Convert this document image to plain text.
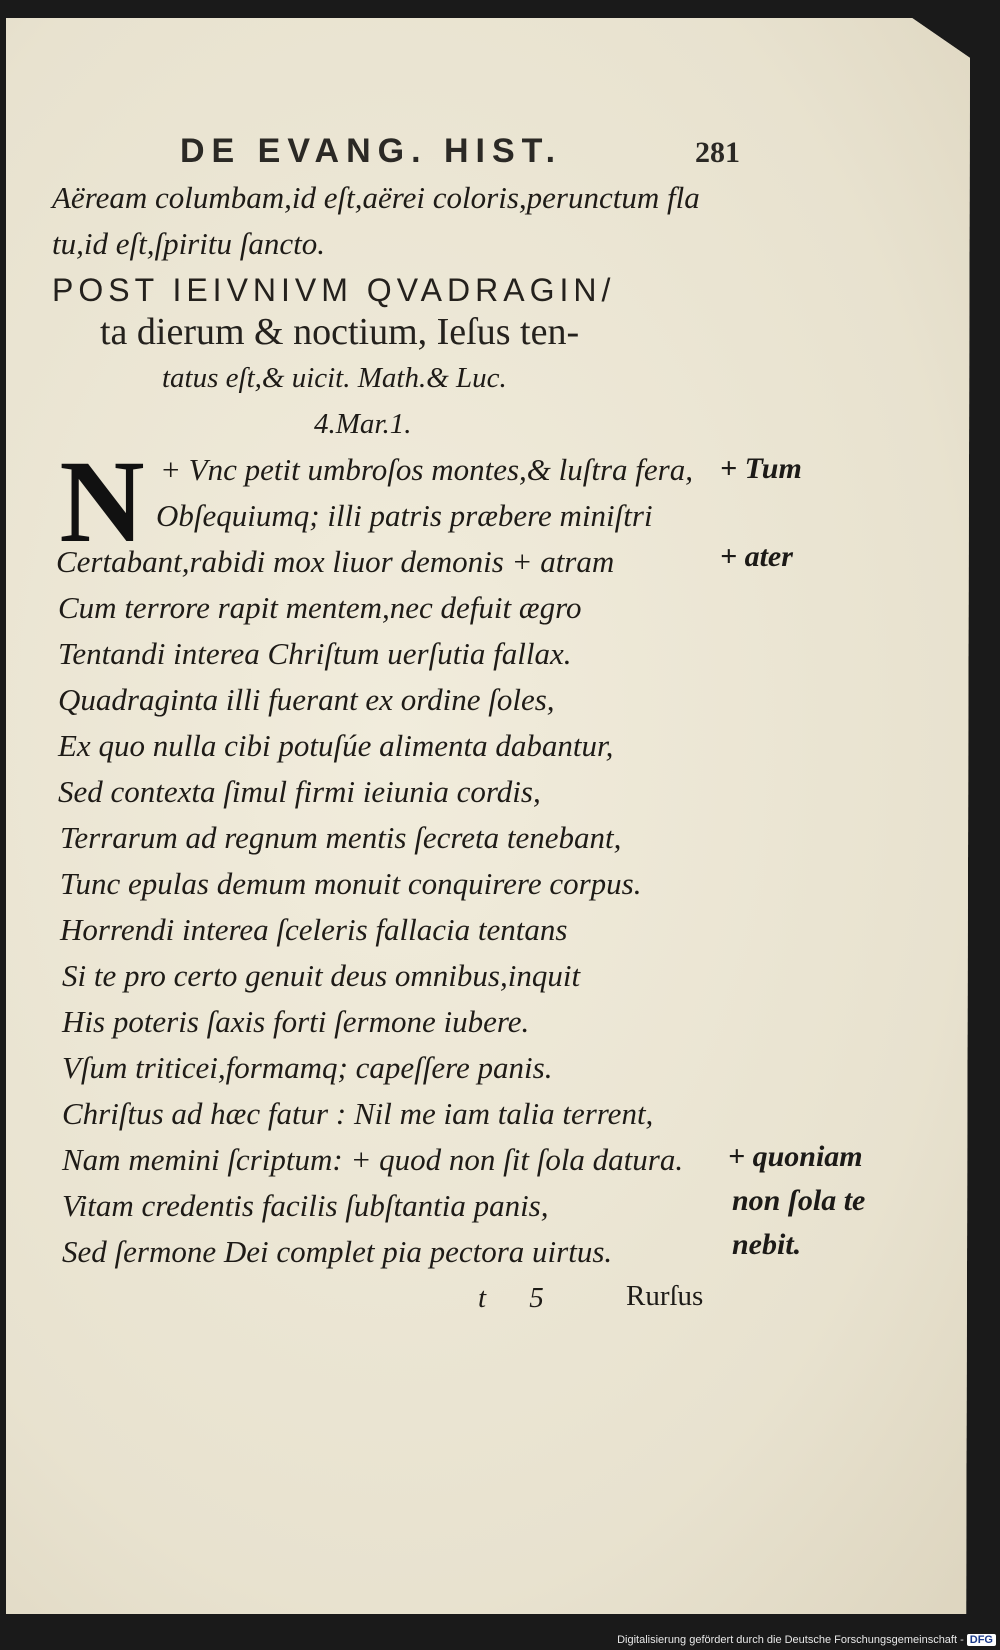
DE EVANG. HIST.	281
Aëream columbam,id eſt,aërei coloris,perunctum fla
tu,id eſt,ſpiritu ſancto.
POST IEIVNIVM QVADRAGIN/
ta dierum & noctium, Ieſus ten-
tatus eſt,& uicit. Math.& Luc.
4.Mar.1.
N + Vnc petit umbroſos montes,& luſtra fera,
Obſequiumq; illi patris præbere miniſtri
Certabant,rabidi mox liuor demonis + atram
Cum terrore rapit mentem,nec defuit ægro
Tentandi interea Chriſtum uerſutia fallax.
Quadraginta illi fuerant ex ordine ſoles,
Ex quo nulla cibi potuſúe alimenta dabantur,
Sed contexta ſimul firmi ieiunia cordis,
Terrarum ad regnum mentis ſecreta tenebant,
Tunc epulas demum monuit conquirere corpus.
Horrendi interea ſceleris fallacia tentans
Si te pro certo genuit deus omnibus,inquit
His poteris ſaxis forti ſermone iubere.
Vſum triticei,formamq; capeſſere panis.
Chriſtus ad hæc fatur : Nil me iam talia terrent,
Nam memini ſcriptum: + quod non ſit ſola datura.
Vitam credentis facilis ſubſtantia panis,
Sed ſermone Dei complet pia pectora uirtus.
+ Tum
+ ater
+ quoniam
non ſola te
nebit.
t 5	Rurſus
Digitalisierung gefördert durch die Deutsche Forschungsgemeinschaft - DFG
